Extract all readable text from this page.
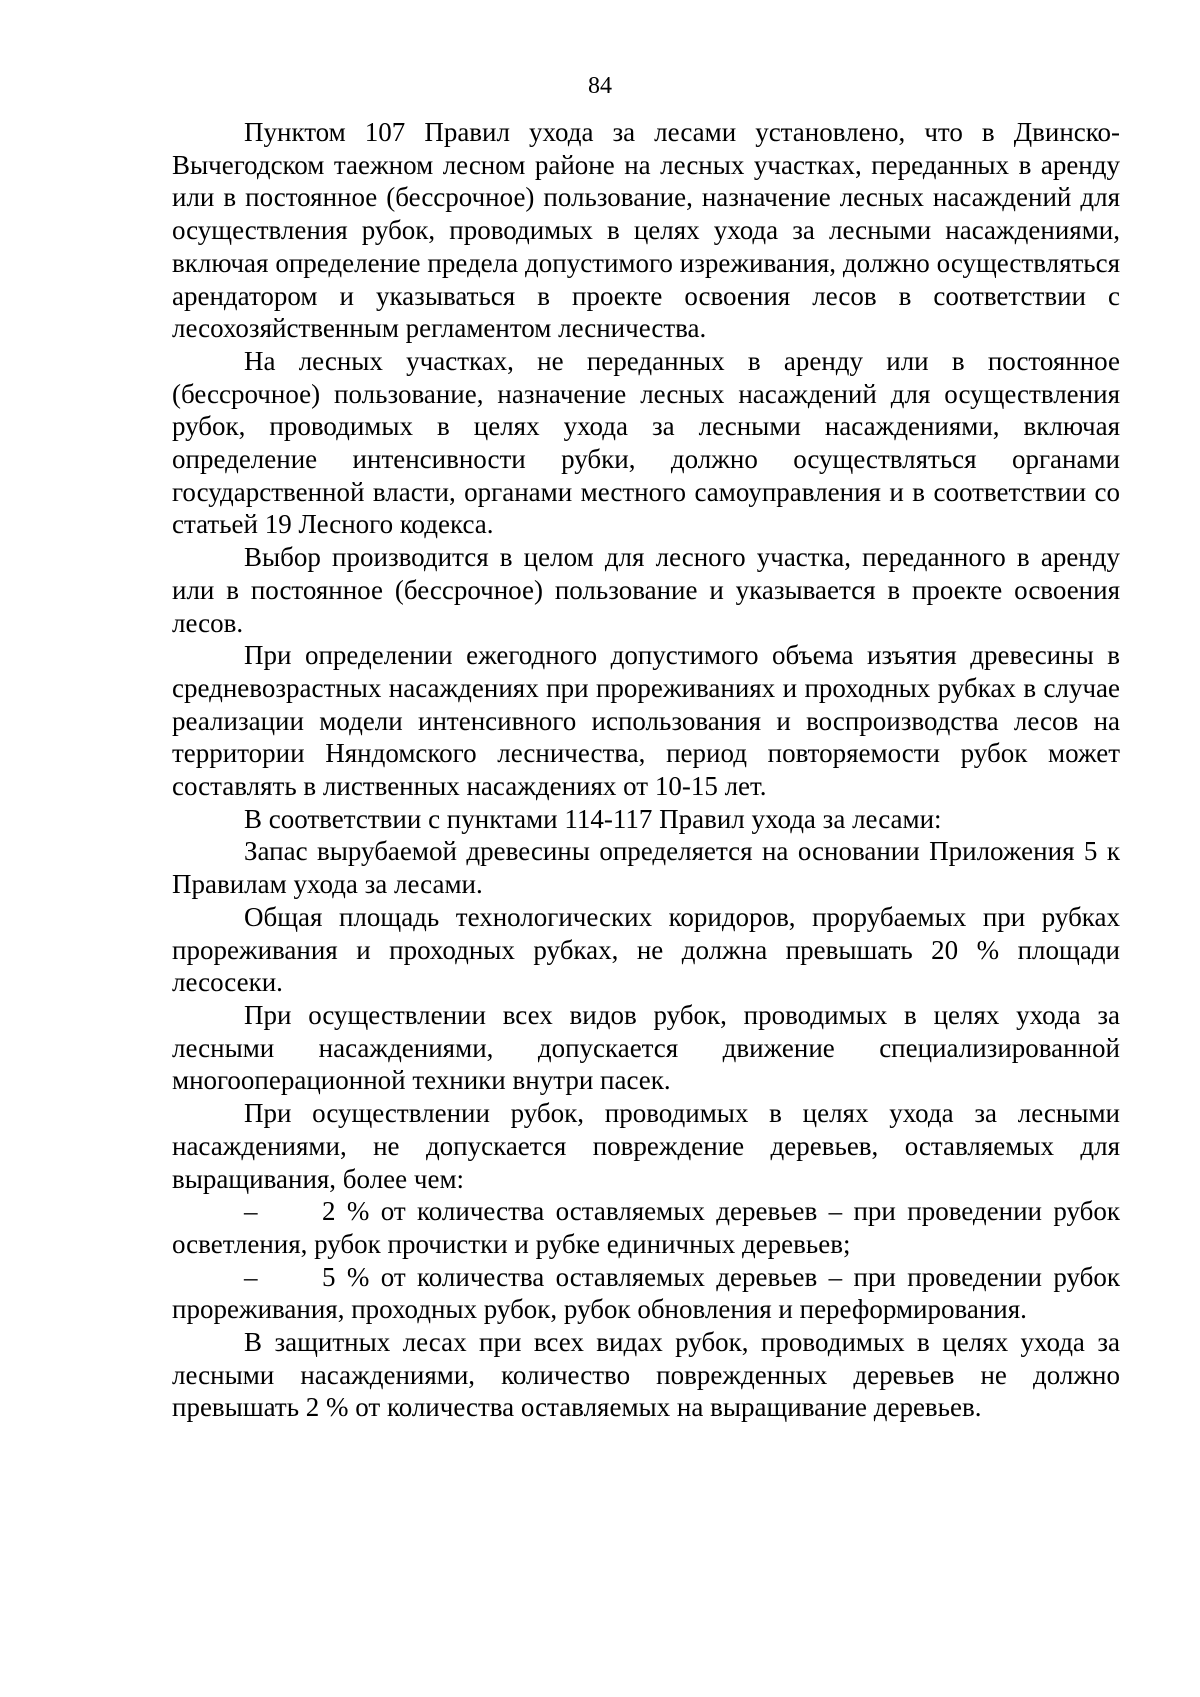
84

Пунктом 107 Правил ухода за лесами установлено, что в Двинско-Вычегодском таежном лесном районе на лесных участках, переданных в аренду или в постоянное (бессрочное) пользование, назначение лесных насаждений для осуществления рубок, проводимых в целях ухода за лесными насаждениями, включая определение предела допустимого изреживания, должно осуществляться арендатором и указываться в проекте освоения лесов в соответствии с лесохозяйственным регламентом лесничества.

На лесных участках, не переданных в аренду или в постоянное (бессрочное) пользование, назначение лесных насаждений для осуществления рубок, проводимых в целях ухода за лесными насаждениями, включая определение интенсивности рубки, должно осуществляться органами государственной власти, органами местного самоуправления и в соответствии со статьей 19 Лесного кодекса.

Выбор производится в целом для лесного участка, переданного в аренду или в постоянное (бессрочное) пользование и указывается в проекте освоения лесов.

При определении ежегодного допустимого объема изъятия древесины в средневозрастных насаждениях при прореживаниях и проходных рубках в случае реализации модели интенсивного использования и воспроизводства лесов на территории Няндомского лесничества, период повторяемости рубок может составлять в лиственных насаждениях от 10-15 лет.

В соответствии с пунктами 114-117 Правил ухода за лесами:

Запас вырубаемой древесины определяется на основании Приложения 5 к Правилам ухода за лесами.

Общая площадь технологических коридоров, прорубаемых при рубках прореживания и проходных рубках, не должна превышать 20 % площади лесосеки.

При осуществлении всех видов рубок, проводимых в целях ухода за лесными насаждениями, допускается движение специализированной многооперационной техники внутри пасек.

При осуществлении рубок, проводимых в целях ухода за лесными насаждениями, не допускается повреждение деревьев, оставляемых для выращивания, более чем:

– 2 % от количества оставляемых деревьев – при проведении рубок осветления, рубок прочистки и рубке единичных деревьев;

– 5 % от количества оставляемых деревьев – при проведении рубок прореживания, проходных рубок, рубок обновления и переформирования.

В защитных лесах при всех видах рубок, проводимых в целях ухода за лесными насаждениями, количество поврежденных деревьев не должно превышать 2 % от количества оставляемых на выращивание деревьев.
